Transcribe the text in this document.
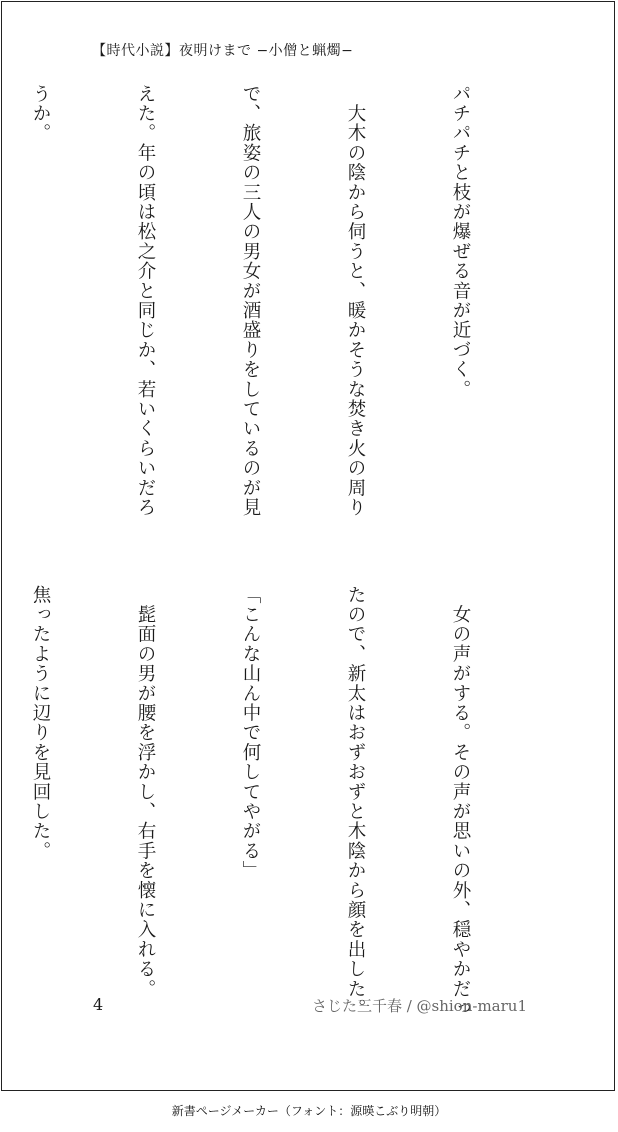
【時代小説】夜明けまで −小僧と蝋燭−

パチパチと枝が爆ぜる音が近づく。

　大木の陰から伺うと、暖かそうな焚き火の周り

で、旅姿の三人の男女が酒盛りをしているのが見

えた。年の頃は松之介と同じか、若いくらいだろ

うか。

　女の声がする。その声が思いの外、穏やかだっ

たので、新太はおずおずと木陰から顔を出した。

「こんな山ん中で何してやがる」

　髭面の男が腰を浮かし、右手を懐に入れる。

焦ったように辺りを見回した。

4	さじた三千春 / @shion-maru1
新書ページメーカー（フォント：源暎こぶり明朝）
